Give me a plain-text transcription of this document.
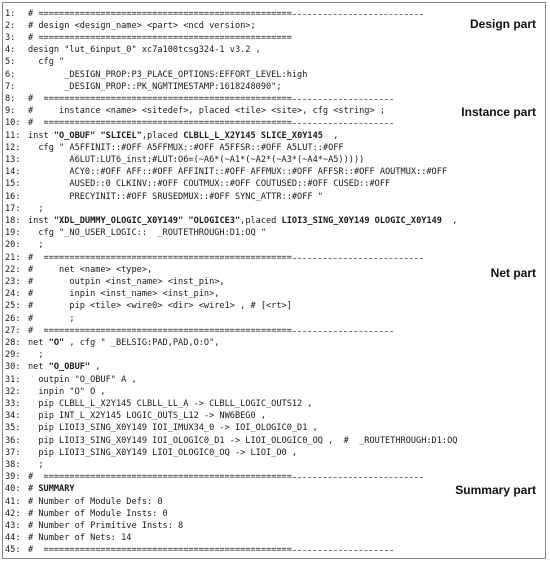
1:	# =================================================
2:	# design <design_name> <part> <ncd version>;
3:	# =================================================
4:	design "lut_6input_0" xc7a100tcsg324-1 v3.2 ,
5:	cfg "
6:	_DESIGN_PROP:P3_PLACE_OPTIONS:EFFORT_LEVEL:high
7:	_DESIGN_PROP::PK_NGMTIMESTAMP:1618248090";
8:	#  ================================================
9:	#     instance <name> <sitedef>, placed <tile> <site>, cfg <string> ;
10: #  ================================================
11: inst "O_OBUF" "SLICEL",placed CLBLL_L_X2Y145 SLICE_X0Y145  ,
12: cfg " A5FFINIT::#OFF A5FFMUX::#OFF A5FFSR::#OFF A5LUT::#OFF
13: A6LUT:LUT6_inst:#LUT:O6=(~A6*(~A1*(~A2*(~A3*(~A4*~A5)))))
14: ACY0::#OFF AFF::#OFF AFFINIT::#OFF AFFMUX::#OFF AFFSR::#OFF AOUTMUX::#OFF
15: AUSED::0 CLKINV::#OFF COUTMUX::#OFF COUTUSED::#OFF CUSED::#OFF
16: PRECYINIT::#OFF SRUSEDMUX::#OFF SYNC_ATTR::#OFF "
17: ;
18: inst "XDL_DUMMY_OLOGIC_X0Y149" "OLOGICE3",placed LIOI3_SING_X0Y149 OLOGIC_X0Y149  ,
19: cfg "_NO_USER_LOGIC::  _ROUTETHROUGH:D1:OQ "
20: ;
21: #  ================================================
22: #     net <name> <type>,
23: #       outpin <inst_name> <inst_pin>,
24: #       inpin <inst_name> <inst_pin>,
25: #       pip <tile> <wire0> <dir> <wire1> , # [<rt>]
26: #       ;
27: #  ================================================
28: net "O" , cfg " _BELSIG:PAD,PAD,O:O",
29: ;
30: net "O_OBUF" ,
31: outpin "O_OBUF" A ,
32: inpin "O" O ,
33: pip CLBLL_L_X2Y145 CLBLL_LL_A -> CLBLL_LOGIC_OUTS12 ,
34: pip INT_L_X2Y145 LOGIC_OUTS_L12 -> NW6BEG0 ,
35: pip LIOI3_SING_X0Y149 IOI_IMUX34_0 -> IOI_OLOGIC0_D1 ,
36: pip LIOI3_SING_X0Y149 IOI_OLOGIC0_D1 -> LIOI_OLOGIC0_OQ ,  #  _ROUTETHROUGH:D1:OQ
37: pip LIOI3_SING_X0Y149 LIOI_OLOGIC0_OQ -> LIOI_O0 ,
38: ;
39: #  ================================================
40: # SUMMARY
41: # Number of Module Defs: 0
42: # Number of Module Insts: 0
43: # Number of Primitive Insts: 8
44: # Number of Nets: 14
45: #  ================================================
Design part
Instance part
Net part
Summary part
